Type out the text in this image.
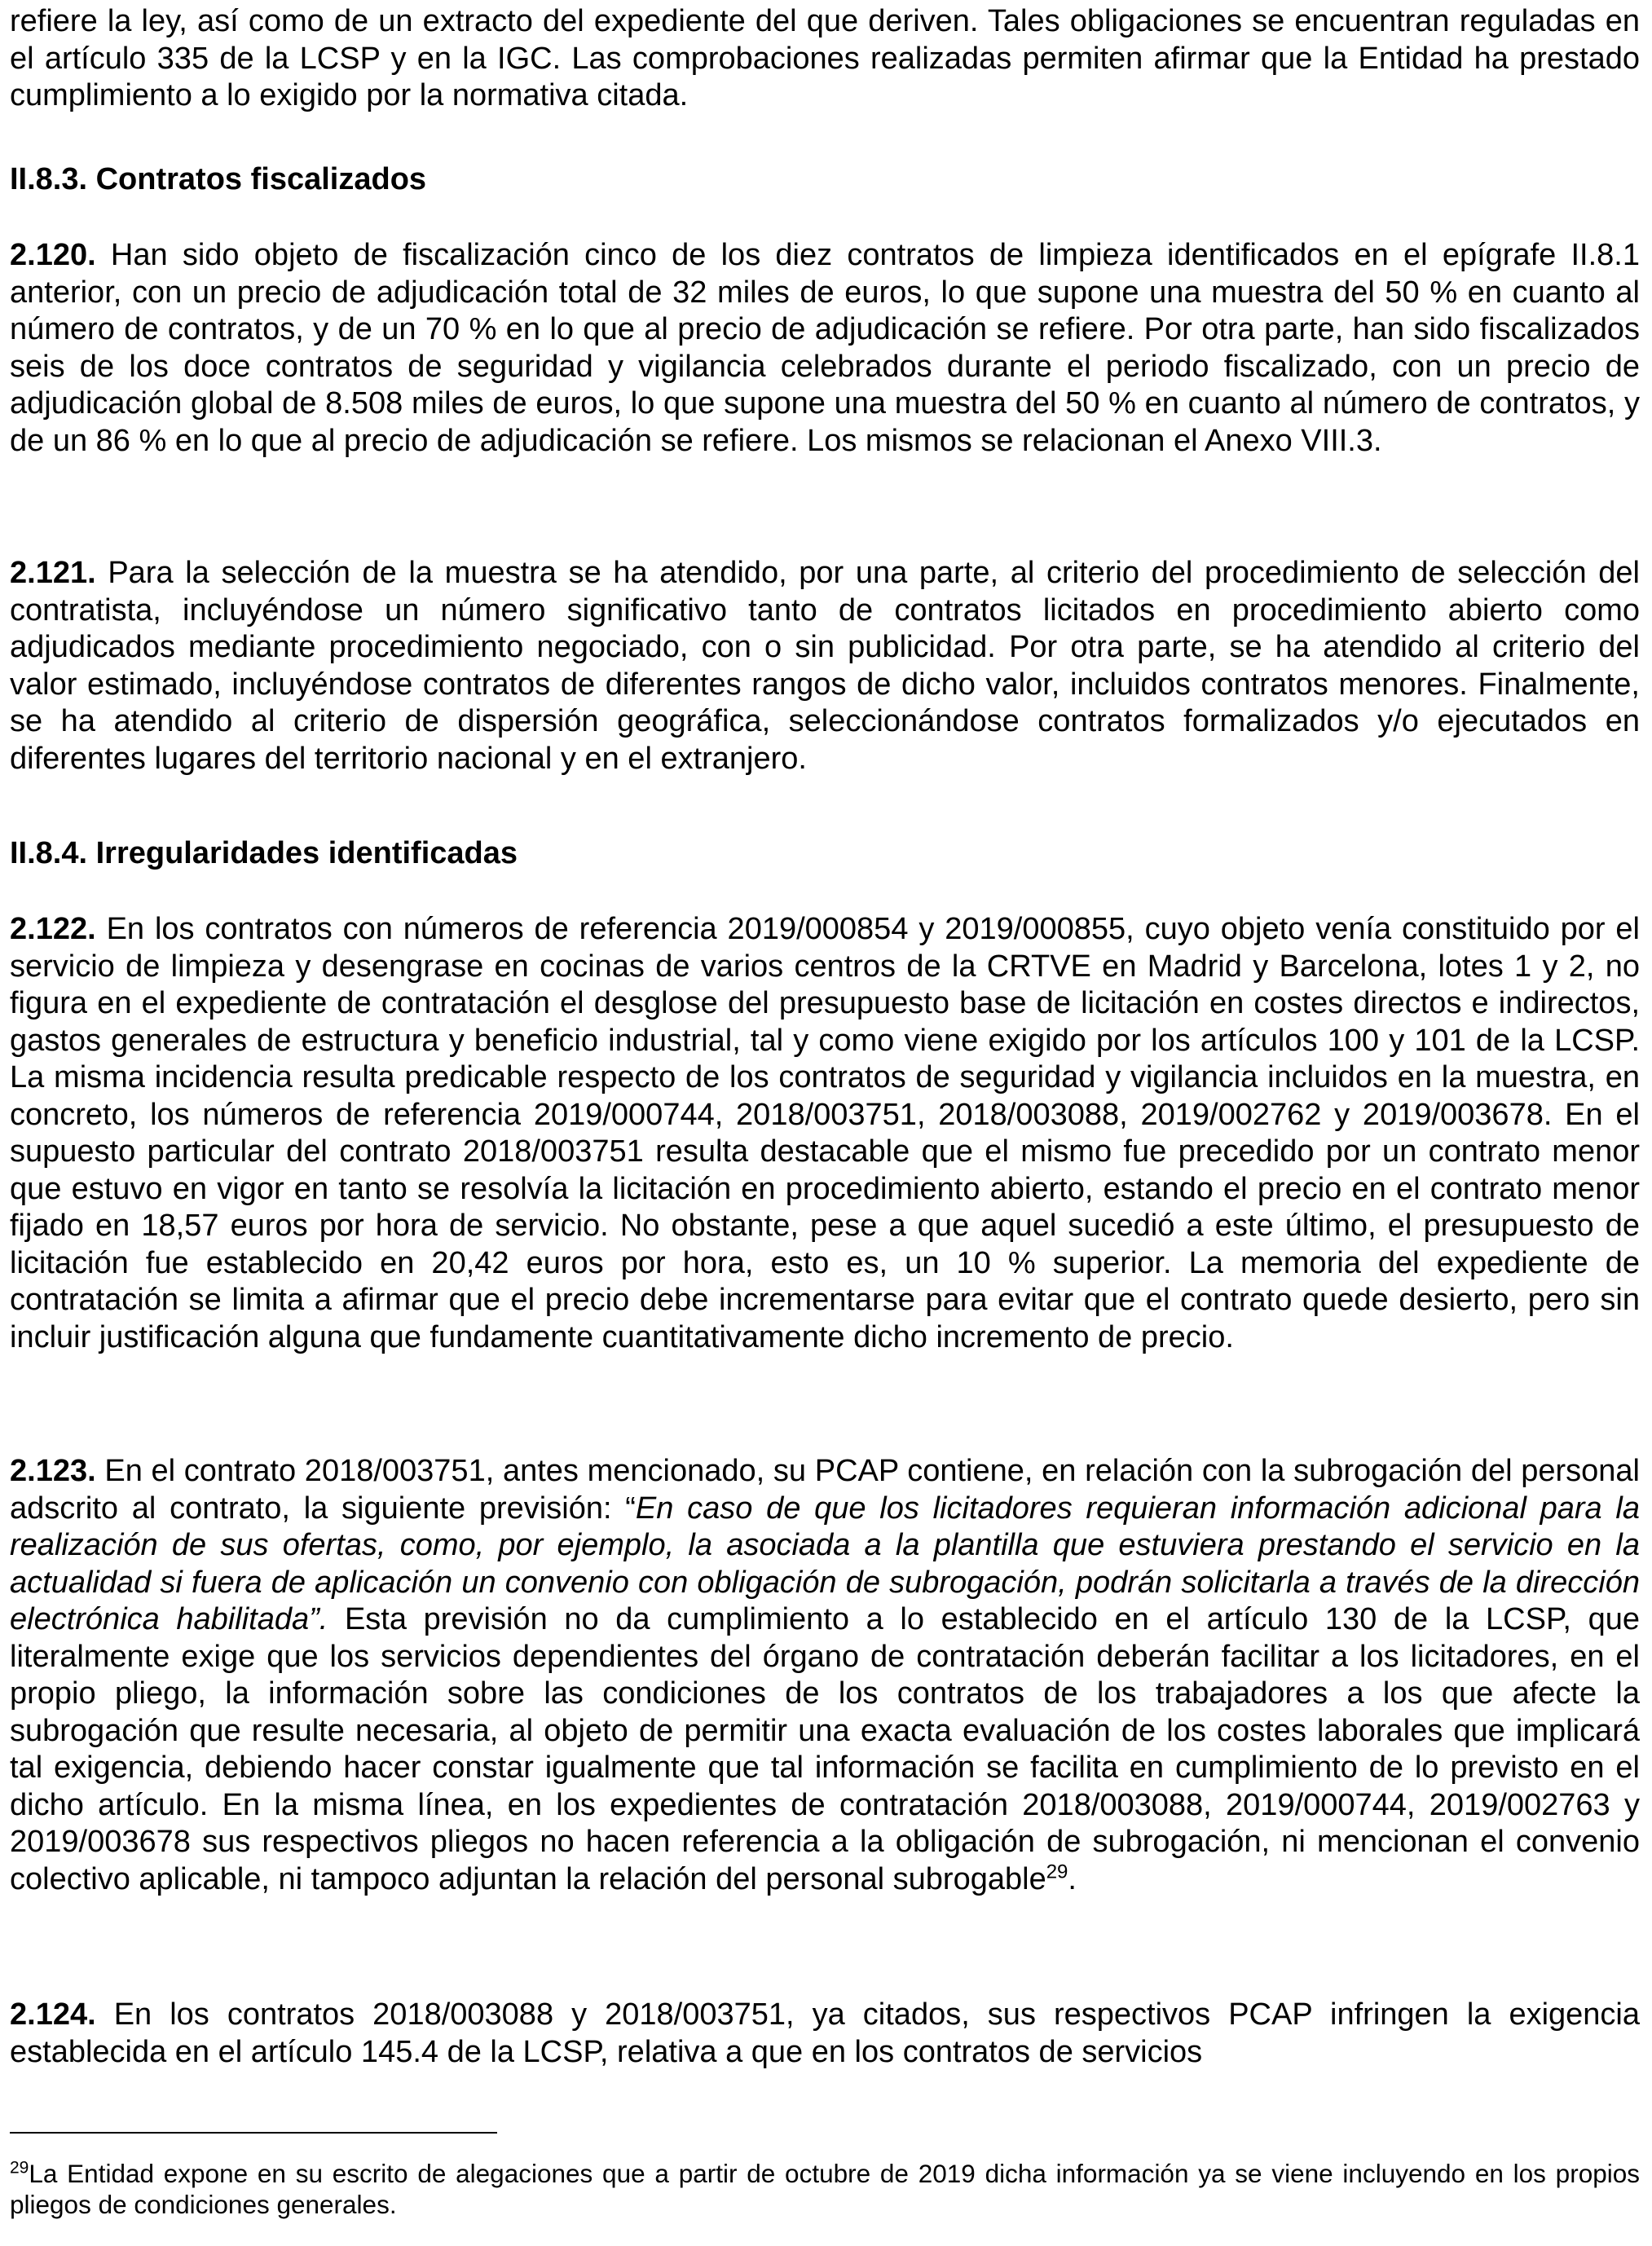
refiere la ley, así como de un extracto del expediente del que deriven. Tales obligaciones se encuentran reguladas en el artículo 335 de la LCSP y en la IGC. Las comprobaciones realizadas permiten afirmar que la Entidad ha prestado cumplimiento a lo exigido por la normativa citada.

II.8.3. Contratos fiscalizados

2.120. Han sido objeto de fiscalización cinco de los diez contratos de limpieza identificados en el epígrafe II.8.1 anterior, con un precio de adjudicación total de 32 miles de euros, lo que supone una muestra del 50 % en cuanto al número de contratos, y de un 70 % en lo que al precio de adjudicación se refiere. Por otra parte, han sido fiscalizados seis de los doce contratos de seguridad y vigilancia celebrados durante el periodo fiscalizado, con un precio de adjudicación global de 8.508 miles de euros, lo que supone una muestra del 50 % en cuanto al número de contratos, y de un 86 % en lo que al precio de adjudicación se refiere. Los mismos se relacionan el Anexo VIII.3.

2.121. Para la selección de la muestra se ha atendido, por una parte, al criterio del procedimiento de selección del contratista, incluyéndose un número significativo tanto de contratos licitados en procedimiento abierto como adjudicados mediante procedimiento negociado, con o sin publicidad. Por otra parte, se ha atendido al criterio del valor estimado, incluyéndose contratos de diferentes rangos de dicho valor, incluidos contratos menores. Finalmente, se ha atendido al criterio de dispersión geográfica, seleccionándose contratos formalizados y/o ejecutados en diferentes lugares del territorio nacional y en el extranjero.

II.8.4. Irregularidades identificadas

2.122. En los contratos con números de referencia 2019/000854 y 2019/000855, cuyo objeto venía constituido por el servicio de limpieza y desengrase en cocinas de varios centros de la CRTVE en Madrid y Barcelona, lotes 1 y 2, no figura en el expediente de contratación el desglose del presupuesto base de licitación en costes directos e indirectos, gastos generales de estructura y beneficio industrial, tal y como viene exigido por los artículos 100 y 101 de la LCSP. La misma incidencia resulta predicable respecto de los contratos de seguridad y vigilancia incluidos en la muestra, en concreto, los números de referencia 2019/000744, 2018/003751, 2018/003088, 2019/002762 y 2019/003678. En el supuesto particular del contrato 2018/003751 resulta destacable que el mismo fue precedido por un contrato menor que estuvo en vigor en tanto se resolvía la licitación en procedimiento abierto, estando el precio en el contrato menor fijado en 18,57 euros por hora de servicio. No obstante, pese a que aquel sucedió a este último, el presupuesto de licitación fue establecido en 20,42 euros por hora, esto es, un 10 % superior. La memoria del expediente de contratación se limita a afirmar que el precio debe incrementarse para evitar que el contrato quede desierto, pero sin incluir justificación alguna que fundamente cuantitativamente dicho incremento de precio.

2.123. En el contrato 2018/003751, antes mencionado, su PCAP contiene, en relación con la subrogación del personal adscrito al contrato, la siguiente previsión: “En caso de que los licitadores requieran información adicional para la realización de sus ofertas, como, por ejemplo, la asociada a la plantilla que estuviera prestando el servicio en la actualidad si fuera de aplicación un convenio con obligación de subrogación, podrán solicitarla a través de la dirección electrónica habilitada”. Esta previsión no da cumplimiento a lo establecido en el artículo 130 de la LCSP, que literalmente exige que los servicios dependientes del órgano de contratación deberán facilitar a los licitadores, en el propio pliego, la información sobre las condiciones de los contratos de los trabajadores a los que afecte la subrogación que resulte necesaria, al objeto de permitir una exacta evaluación de los costes laborales que implicará tal exigencia, debiendo hacer constar igualmente que tal información se facilita en cumplimiento de lo previsto en el dicho artículo. En la misma línea, en los expedientes de contratación 2018/003088, 2019/000744, 2019/002763 y 2019/003678 sus respectivos pliegos no hacen referencia a la obligación de subrogación, ni mencionan el convenio colectivo aplicable, ni tampoco adjuntan la relación del personal subrogable$^{29}$.

2.124. En los contratos 2018/003088 y 2018/003751, ya citados, sus respectivos PCAP infringen la exigencia establecida en el artículo 145.4 de la LCSP, relativa a que en los contratos de servicios

$^{29}$La Entidad expone en su escrito de alegaciones que a partir de octubre de 2019 dicha información ya se viene incluyendo en los propios pliegos de condiciones generales.
